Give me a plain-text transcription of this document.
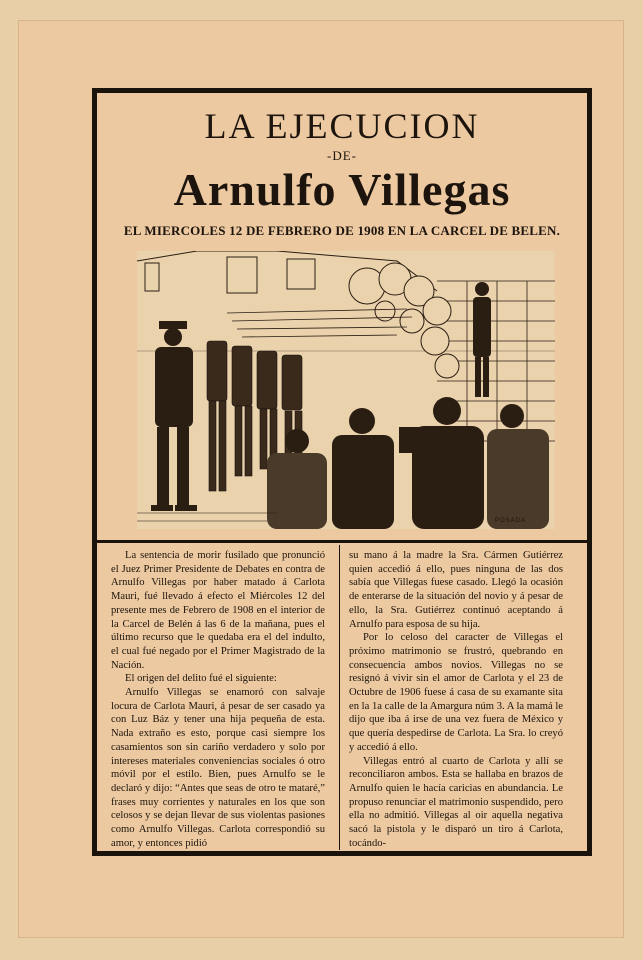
LA EJECUCION
-DE-
Arnulfo Villegas
EL MIERCOLES 12 DE FEBRERO DE 1908 EN LA CARCEL DE BELEN.
POSADA

La sentencia de morir fusilado que pronunció el Juez Primer Presidente de Debates en contra de Arnulfo Villegas por haber matado á Carlota Mauri, fué llevado á efecto el Miércoles 12 del presente mes de Febrero de 1908 en el interior de la Carcel de Belén á las 6 de la mañana, pues el último recurso que le quedaba era el del indulto, el cual fué negado por el Primer Magistrado de la Nación.

El origen del delito fué el siguiente:

Arnulfo Villegas se enamoró con salvaje locura de Carlota Mauri, á pesar de ser casado ya con Luz Báz y tener una hija pequeña de esta. Nada extraño es esto, porque casi siempre los casamientos son sin cariño verdadero y solo por intereses materiales conveniencias sociales ó otro móvil por el estilo. Bien, pues Arnulfo se le declaró y dijo: “Antes que seas de otro te mataré,” frases muy corrientes y naturales en los que son celosos y se dejan llevar de sus violentas pasiones como Arnulfo Villegas. Carlota correspondió su amor, y entonces pidió

su mano á la madre la Sra. Cármen Gutiérrez quien accedió á ello, pues ninguna de las dos sabía que Villegas fuese casado. Llegó la ocasión de enterarse de la situación del novio y á pesar de ello, la Sra. Gutiérrez continuó aceptando á Arnulfo para esposa de su hija.

Por lo celoso del caracter de Villegas el próximo matrimonio se frustró, quebrando en consecuencia ambos novios. Villegas no se resignó á vivir sin el amor de Carlota y el 23 de Octubre de 1906 fuese á casa de su examante sita en la 1a calle de la Amargura núm 3. A la mamá le dijo que iba á irse de una vez fuera de México y que quería despedirse de Carlota. La Sra. lo creyó y accedió á ello.

Villegas entró al cuarto de Carlota y allí se reconciliaron ambos. Esta se hallaba en brazos de Arnulfo quien le hacía caricias en abundancia. Le propuso renunciar el matrimonio suspendido, pero ella no admitió. Villegas al oir aquella negativa sacó la pistola y le disparó un tiro á Carlota, tocándo-
